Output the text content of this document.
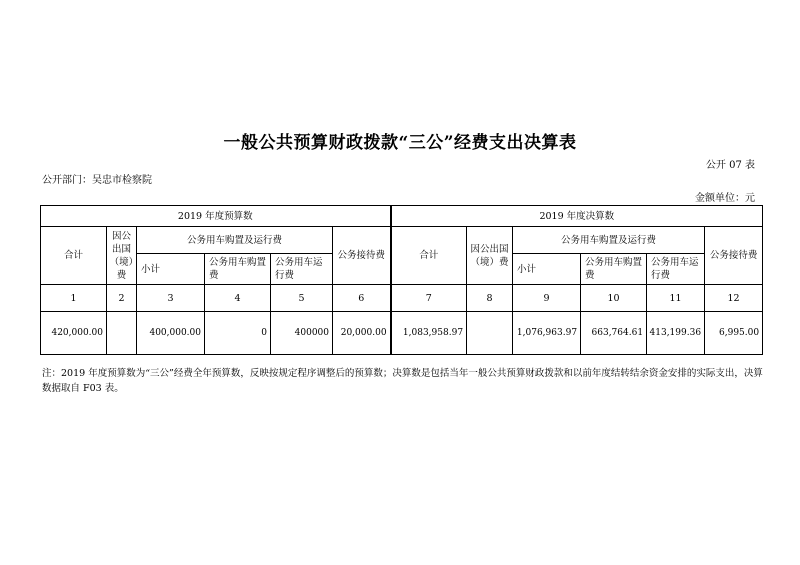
一般公共预算财政拨款“三公”经费支出决算表
公开 07 表
公开部门：吴忠市检察院
金额单位：元
2019 年度预算数						2019 年度决算数					
合计	因公出国（境）费	公务用车购置及运行费			公务接待费	合计	因公出国（境）费	公务用车购置及运行费			公务接待费
		小计	公务用车购置费	公务用车运行费				小计	公务用车购置费	公务用车运行费	
1	2	3	4	5	6	7	8	9	10	11	12
420,000.00		400,000.00	0	400000	20,000.00	1,083,958.97		1,076,963.97	663,764.61	413,199.36	6,995.00
注：2019 年度预算数为“三公”经费全年预算数，反映按规定程序调整后的预算数；决算数是包括当年一般公共预算财政拨款和以前年度结转结余资金安排的实际支出，决算数据取自 F03 表。
